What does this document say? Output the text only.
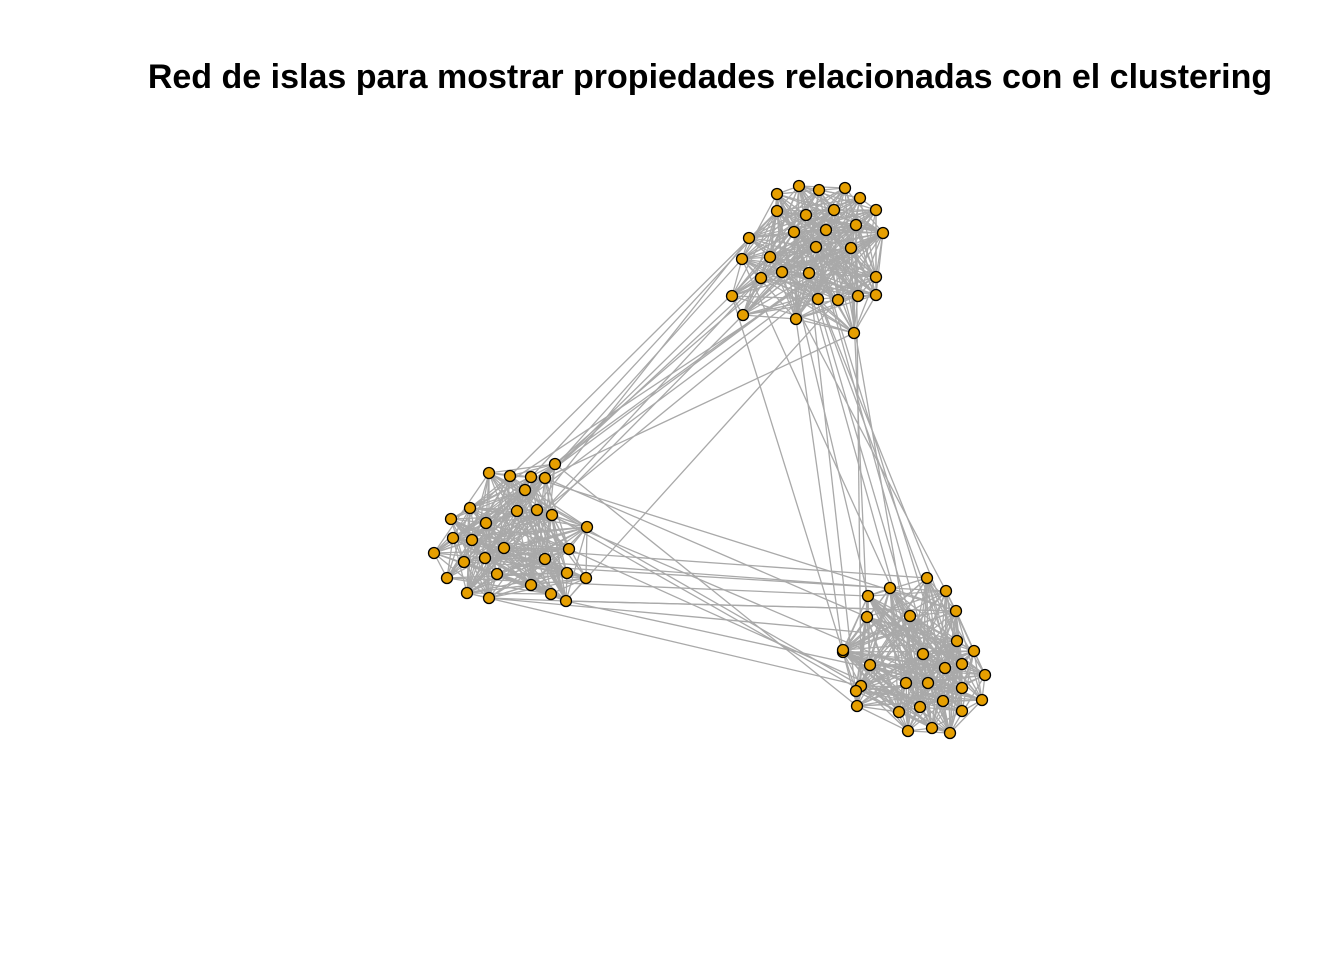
Red de islas para mostrar propiedades relacionadas con el clustering
